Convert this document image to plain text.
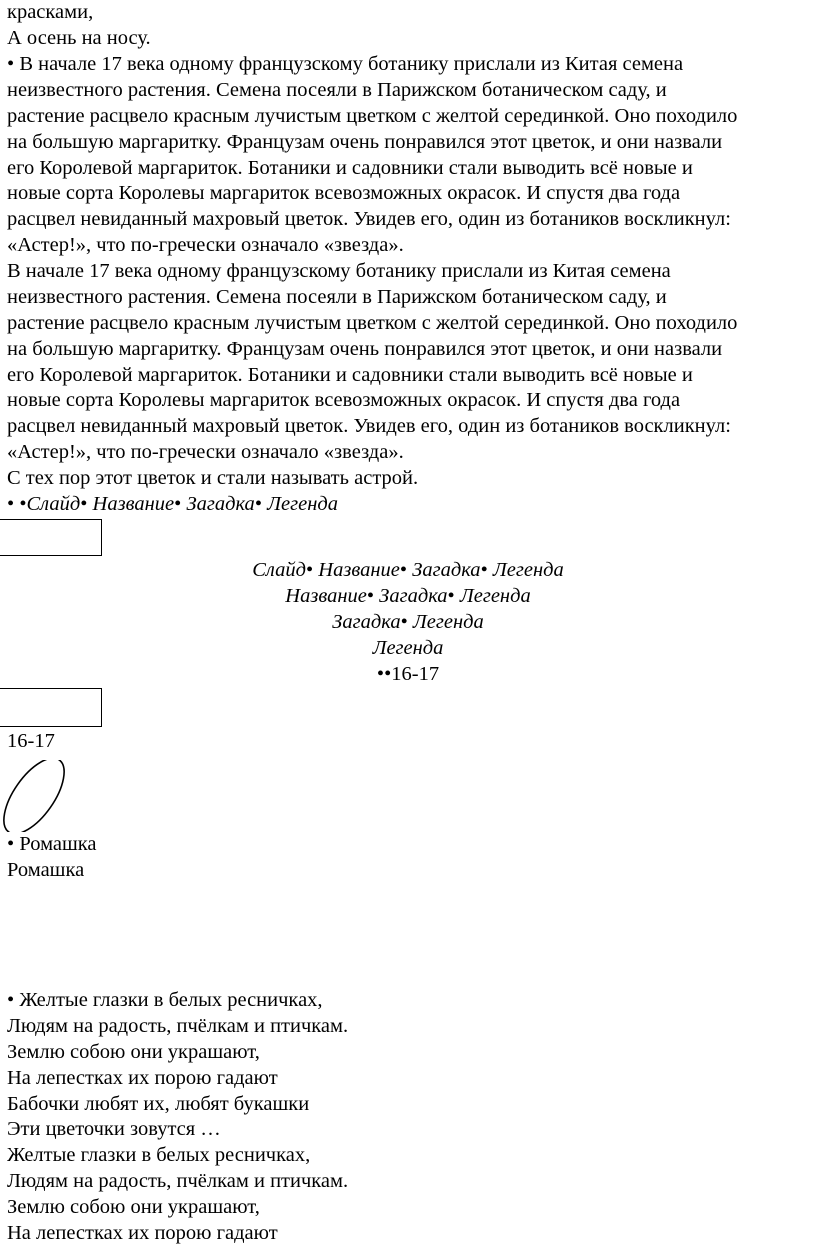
красками,
А осень на носу.
• В начале 17 века одному французскому ботанику прислали из Китая семена
неизвестного растения. Семена посеяли в Парижском ботаническом саду, и
растение расцвело красным лучистым цветком с желтой серединкой. Оно походило
на большую маргаритку. Французам очень понравился этот цветок, и они назвали
его Королевой маргариток. Ботаники и садовники стали выводить всё новые и
новые сорта Королевы маргариток всевозможных окрасок. И спустя два года
расцвел невиданный махровый цветок. Увидев его, один из ботаников воскликнул:
«Астер!», что по-гречески означало «звезда».
В начале 17 века одному французскому ботанику прислали из Китая семена
неизвестного растения. Семена посеяли в Парижском ботаническом саду, и
растение расцвело красным лучистым цветком с желтой серединкой. Оно походило
на большую маргаритку. Французам очень понравился этот цветок, и они назвали
его Королевой маргариток. Ботаники и садовники стали выводить всё новые и
новые сорта Королевы маргариток всевозможных окрасок. И спустя два года
расцвел невиданный махровый цветок. Увидев его, один из ботаников воскликнул:
«Астер!», что по-гречески означало «звезда».
С тех пор этот цветок и стали называть астрой.
• •Слайд• Название• Загадка• Легенда
Слайд• Название• Загадка• Легенда
Название• Загадка• Легенда
Загадка• Легенда
Легенда
••16-17
16-17
• Ромашка
Ромашка
• Желтые глазки в белых ресничках,
Людям на радость, пчёлкам и птичкам.
Землю собою они украшают,
На лепестках их порою гадают
Бабочки любят их, любят букашки
Эти цветочки зовутся …
Желтые глазки в белых ресничках,
Людям на радость, пчёлкам и птичкам.
Землю собою они украшают,
На лепестках их порою гадают
